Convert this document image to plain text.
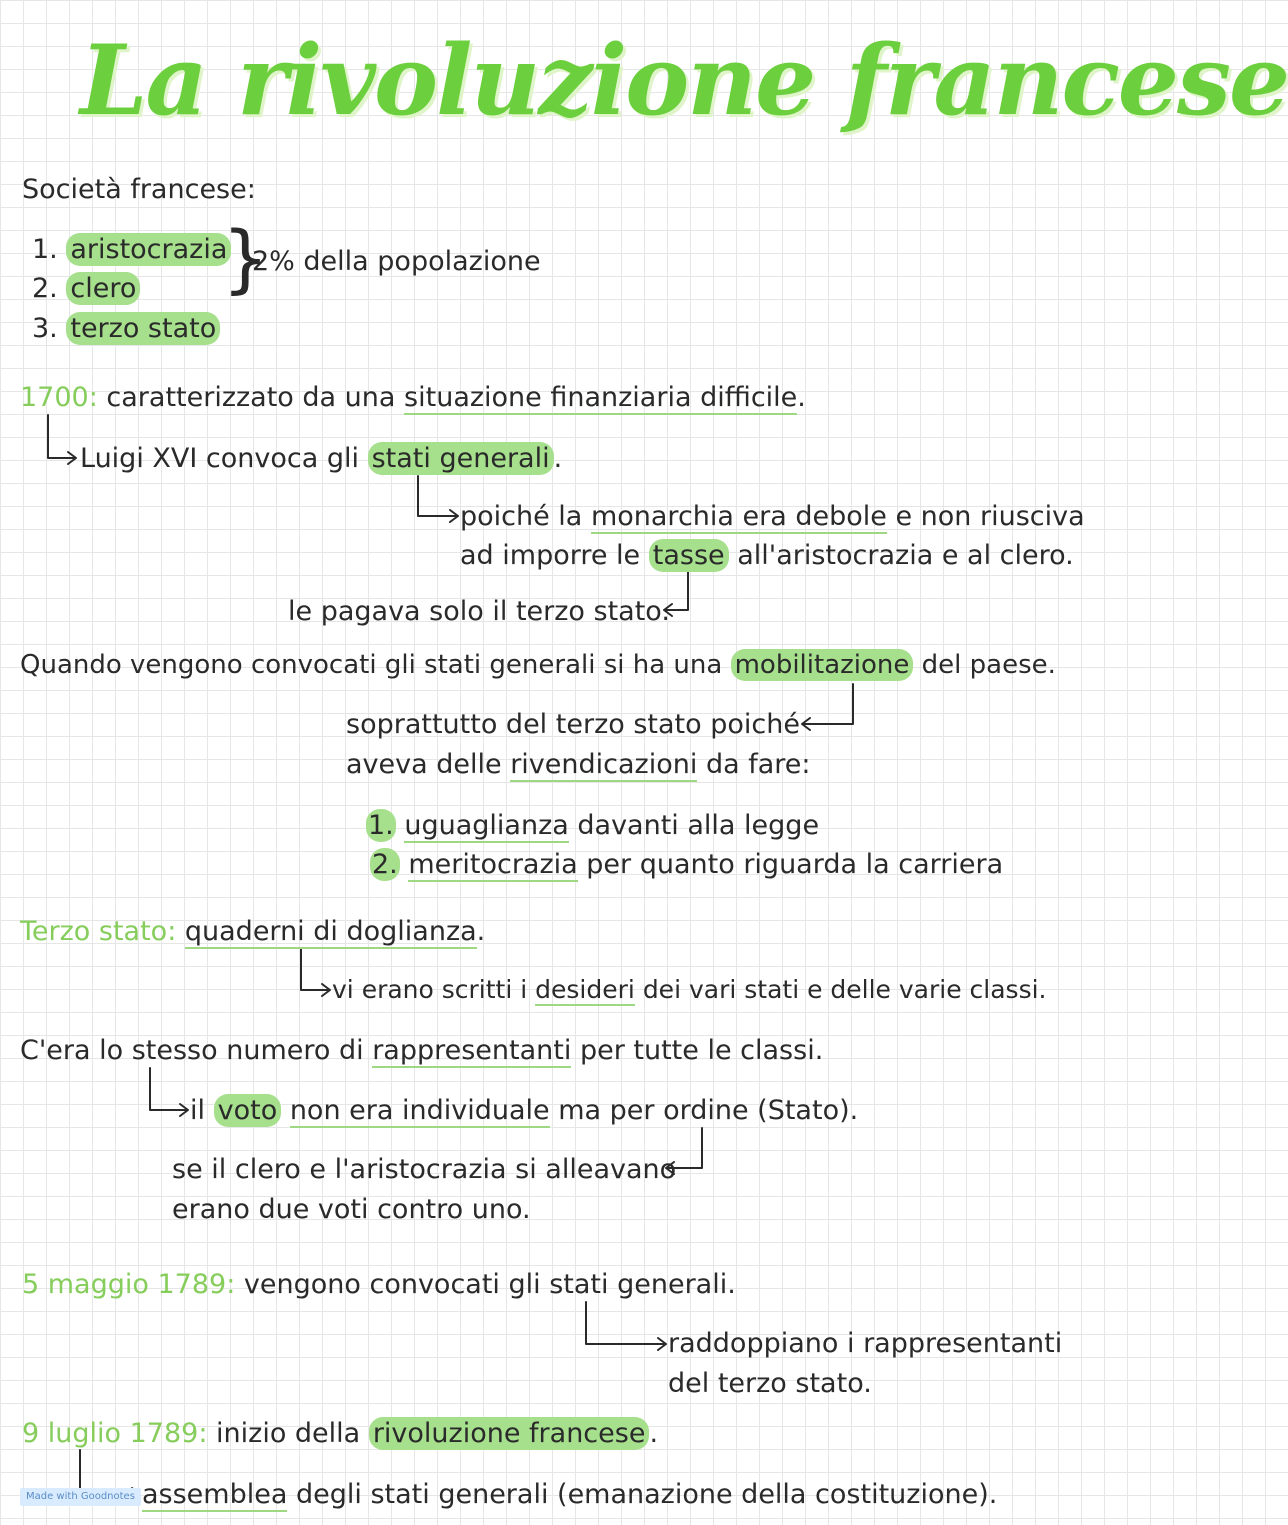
La rivoluzione francese
Società francese:
1. aristocrazia
2. clero
3. terzo stato
}
2% della popolazione
1700: caratterizzato da una situazione finanziaria difficile.
Luigi XVI convoca gli stati generali .
poiché la monarchia era debole e non riusciva
ad imporre le tasse all'aristocrazia e al clero.
le pagava solo il terzo stato.
Quando vengono convocati gli stati generali si ha una mobilitazione del paese.
soprattutto del terzo stato poiché
aveva delle rivendicazioni da fare:
1. uguaglianza davanti alla legge
2. meritocrazia per quanto riguarda la carriera
Terzo stato: quaderni di doglianza.
vi erano scritti i desideri dei vari stati e delle varie classi.
C'era lo stesso numero di rappresentanti per tutte le classi.
il voto non era individuale ma per ordine (Stato).
se il clero e l'aristocrazia si alleavano
erano due voti contro uno.
5 maggio 1789: vengono convocati gli stati generali.
raddoppiano i rappresentanti
del terzo stato.
9 luglio 1789: inizio della rivoluzione francese .
assemblea degli stati generali (emanazione della costituzione).
Made with Goodnotes
